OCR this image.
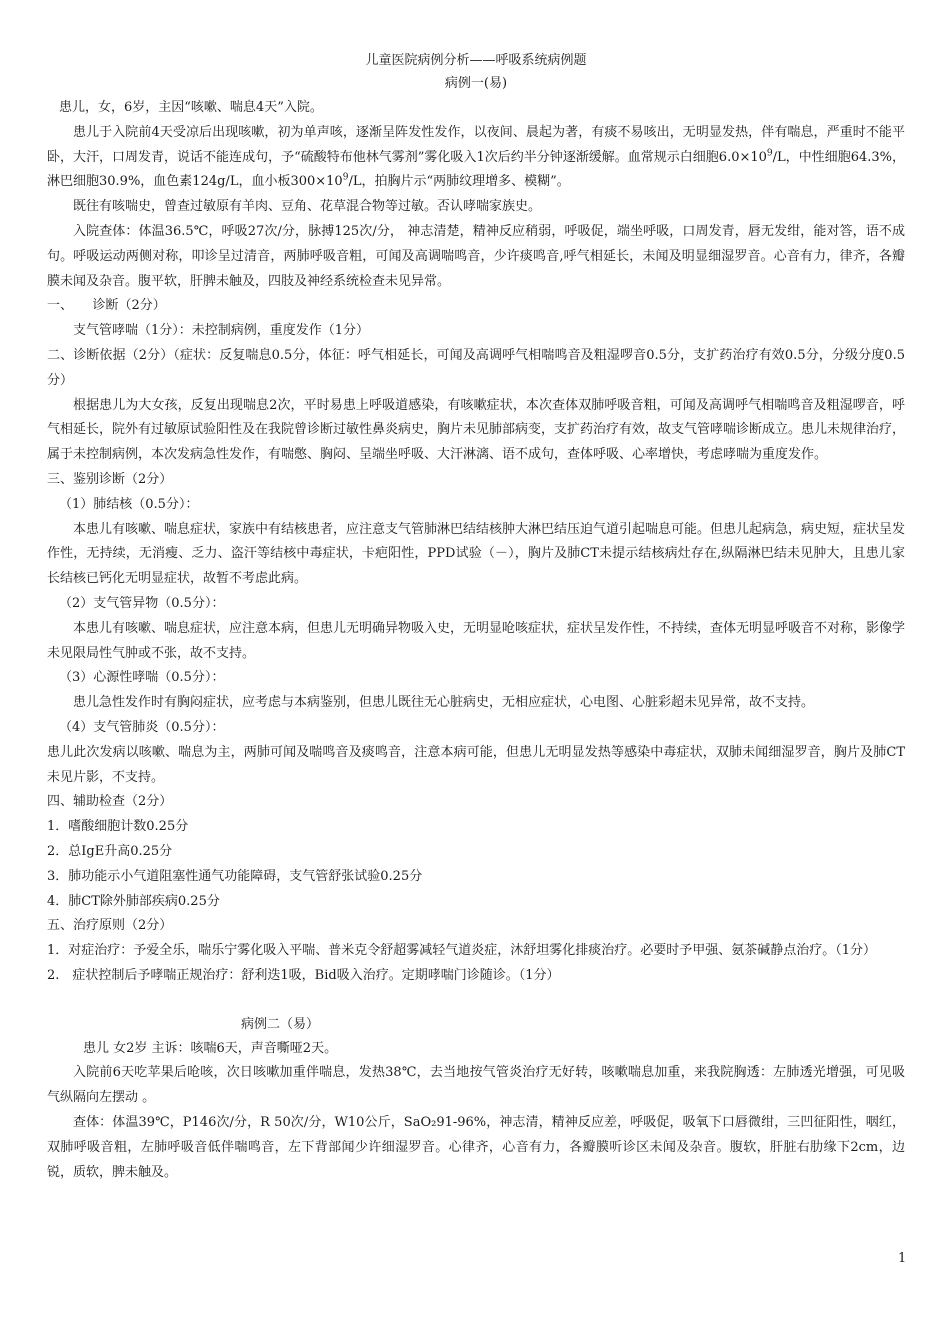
儿童医院病例分析——呼吸系统病例题
病例一(易)

患儿，女，6岁，主因“咳嗽、喘息4天”入院。

患儿于入院前4天受凉后出现咳嗽，初为单声咳，逐渐呈阵发性发作，以夜间、晨起为著，有痰不易咳出，无明显发热，伴有喘息，严重时不能平卧，大汗，口周发青，说话不能连成句，予“硫酸特布他林气雾剂”雾化吸入1次后约半分钟逐渐缓解。血常规示白细胞$6.0\times 10^9/L$，中性细胞64.3%，淋巴细胞30.9%，血色素124g/L，血小板$300\times 10^9/L$，拍胸片示“两肺纹理增多、模糊”。

既往有咳喘史，曾查过敏原有羊肉、豆角、花草混合物等过敏。否认哮喘家族史。

入院查体：体温36.5℃，呼吸27次/分，脉搏125次/分， 神志清楚，精神反应稍弱，呼吸促，端坐呼吸，口周发青，唇无发绀，能对答，语不成句。呼吸运动两侧对称，叩诊呈过清音，两肺呼吸音粗，可闻及高调喘鸣音，少许痰鸣音,呼气相延长，未闻及明显细湿罗音。心音有力，律齐，各瓣膜未闻及杂音。腹平软，肝脾未触及，四肢及神经系统检查未见异常。

一、　　诊断（2分）

支气管哮喘（1分）：未控制病例，重度发作（1分）

二、诊断依据（2分）（症状：反复喘息0.5分，体征：呼气相延长，可闻及高调呼气相喘鸣音及粗湿啰音0.5分，支扩药治疗有效0.5分，分级分度0.5分）

根据患儿为大女孩，反复出现喘息2次，平时易患上呼吸道感染，有咳嗽症状，本次查体双肺呼吸音粗，可闻及高调呼气相喘鸣音及粗湿啰音，呼气相延长，院外有过敏原试验阳性及在我院曾诊断过敏性鼻炎病史，胸片未见肺部病变，支扩药治疗有效，故支气管哮喘诊断成立。患儿未规律治疗，属于未控制病例，本次发病急性发作，有喘憋、胸闷、呈端坐呼吸、大汗淋漓、语不成句，查体呼吸、心率增快，考虑哮喘为重度发作。

三、鉴别诊断（2分）

（1）肺结核（0.5分）：

本患儿有咳嗽、喘息症状，家族中有结核患者，应注意支气管肺淋巴结结核肿大淋巴结压迫气道引起喘息可能。但患儿起病急，病史短，症状呈发作性，无持续，无消瘦、乏力、盗汗等结核中毒症状，卡疤阳性，PPD试验（－），胸片及肺CT未提示结核病灶存在,纵隔淋巴结未见肿大，且患儿家长结核已钙化无明显症状，故暂不考虑此病。

（2）支气管异物（0.5分）：

本患儿有咳嗽、喘息症状，应注意本病，但患儿无明确异物吸入史，无明显呛咳症状，症状呈发作性，不持续，查体无明显呼吸音不对称，影像学未见限局性气肿或不张，故不支持。

（3）心源性哮喘（0.5分）：

患儿急性发作时有胸闷症状，应考虑与本病鉴别，但患儿既往无心脏病史，无相应症状，心电图、心脏彩超未见异常，故不支持。

（4）支气管肺炎（0.5分）：

患儿此次发病以咳嗽、喘息为主，两肺可闻及喘鸣音及痰鸣音，注意本病可能，但患儿无明显发热等感染中毒症状，双肺未闻细湿罗音，胸片及肺CT未见片影，不支持。

四、辅助检查（2分）

1．嗜酸细胞计数0.25分

2．总IgE升高0.25分

3．肺功能示小气道阻塞性通气功能障碍，支气管舒张试验0.25分

4．肺CT除外肺部疾病0.25分

五、治疗原则（2分）

1．对症治疗：予爱全乐，喘乐宁雾化吸入平喘、普米克令舒超雾减轻气道炎症，沐舒坦雾化排痰治疗。必要时予甲强、氨茶碱静点治疗。（1分）

2.　症状控制后予哮喘正规治疗：舒利迭1吸，Bid吸入治疗。定期哮喘门诊随诊。（1分）

病例二（易）

患儿 女2岁 主诉：咳喘6天，声音嘶哑2天。

入院前6天吃苹果后呛咳，次日咳嗽加重伴喘息，发热38℃，去当地按气管炎治疗无好转，咳嗽喘息加重，来我院胸透：左肺透光增强，可见吸气纵隔向左摆动 。

查体：体温39℃，P146次/分，R 50次/分，W10公斤，SaO₂91-96%，神志清，精神反应差，呼吸促，吸氧下口唇微绀，三凹征阳性，咽红，双肺呼吸音粗，左肺呼吸音低伴喘鸣音，左下背部闻少许细湿罗音。心律齐，心音有力，各瓣膜听诊区未闻及杂音。腹软，肝脏右肋缘下2cm，边锐，质软，脾未触及。

1
